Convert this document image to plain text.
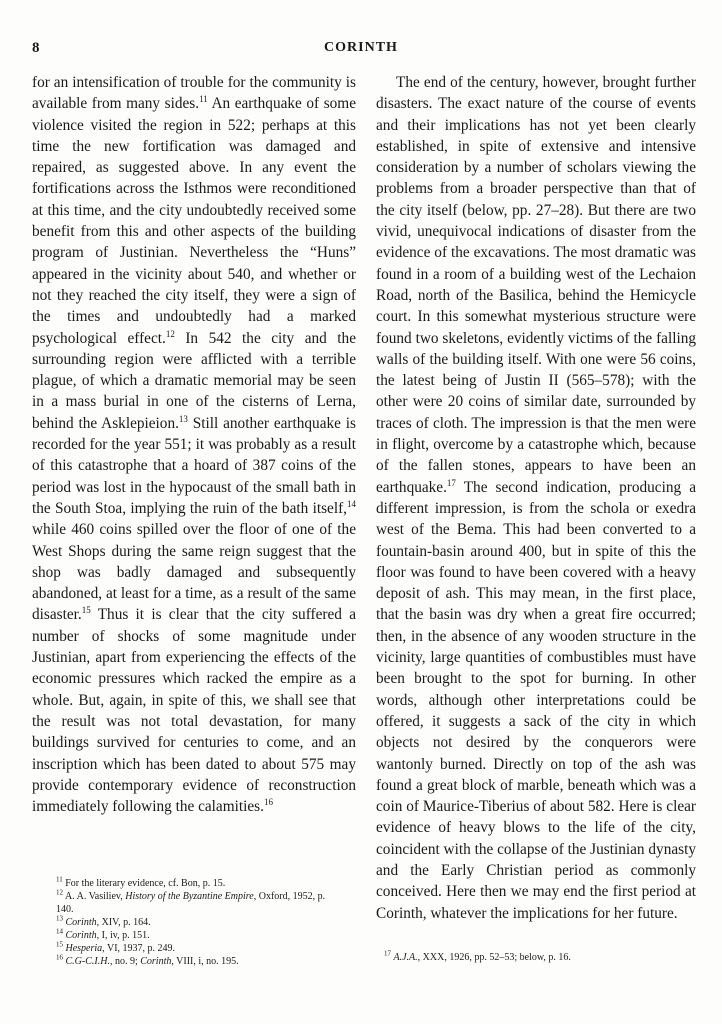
8	CORINTH

for an intensification of trouble for the community is available from many sides.$^{11}$ An earthquake of some violence visited the region in 522; perhaps at this time the new fortification was damaged and repaired, as suggested above. In any event the fortifications across the Isthmos were reconditioned at this time, and the city undoubtedly received some benefit from this and other aspects of the building program of Justinian. Nevertheless the “Huns” appeared in the vicinity about 540, and whether or not they reached the city itself, they were a sign of the times and undoubtedly had a marked psychological effect.$^{12}$ In 542 the city and the surrounding region were afflicted with a terrible plague, of which a dramatic memorial may be seen in a mass burial in one of the cisterns of Lerna, behind the Asklepieion.$^{13}$ Still another earthquake is recorded for the year 551; it was probably as a result of this catastrophe that a hoard of 387 coins of the period was lost in the hypocaust of the small bath in the South Stoa, implying the ruin of the bath itself,$^{14}$ while 460 coins spilled over the floor of one of the West Shops during the same reign suggest that the shop was badly damaged and subsequently abandoned, at least for a time, as a result of the same disaster.$^{15}$ Thus it is clear that the city suffered a number of shocks of some magnitude under Justinian, apart from experiencing the effects of the economic pressures which racked the empire as a whole. But, again, in spite of this, we shall see that the result was not total devastation, for many buildings survived for centuries to come, and an inscription which has been dated to about 575 may provide contemporary evidence of reconstruction immediately following the calamities.$^{16}$

The end of the century, however, brought further disasters. The exact nature of the course of events and their implications has not yet been clearly established, in spite of extensive and intensive consideration by a number of scholars viewing the problems from a broader perspective than that of the city itself (below, pp. 27–28). But there are two vivid, unequivocal indications of disaster from the evidence of the excavations. The most dramatic was found in a room of a building west of the Lechaion Road, north of the Basilica, behind the Hemicycle court. In this somewhat mysterious structure were found two skeletons, evidently victims of the falling walls of the building itself. With one were 56 coins, the latest being of Justin II (565–578); with the other were 20 coins of similar date, surrounded by traces of cloth. The impression is that the men were in flight, overcome by a catastrophe which, because of the fallen stones, appears to have been an earthquake.$^{17}$ The second indication, producing a different impression, is from the schola or exedra west of the Bema. This had been converted to a fountain-basin around 400, but in spite of this the floor was found to have been covered with a heavy deposit of ash. This may mean, in the first place, that the basin was dry when a great fire occurred; then, in the absence of any wooden structure in the vicinity, large quantities of combustibles must have been brought to the spot for burning. In other words, although other interpretations could be offered, it suggests a sack of the city in which objects not desired by the conquerors were wantonly burned. Directly on top of the ash was found a great block of marble, beneath which was a coin of Maurice-Tiberius of about 582. Here is clear evidence of heavy blows to the life of the city, coincident with the collapse of the Justinian dynasty and the Early Christian period as commonly conceived. Here then we may end the first period at Corinth, whatever the implications for her future.

$^{11}$ For the literary evidence, cf. Bon, p. 15.

$^{12}$ A. A. Vasiliev, History of the Byzantine Empire, Oxford, 1952, p. 140.

$^{13}$ Corinth, XIV, p. 164.

$^{14}$ Corinth, I, iv, p. 151.

$^{15}$ Hesperia, VI, 1937, p. 249.

$^{16}$ C.G-C.I.H., no. 9; Corinth, VIII, i, no. 195.

$^{17}$ A.J.A., XXX, 1926, pp. 52–53; below, p. 16.
